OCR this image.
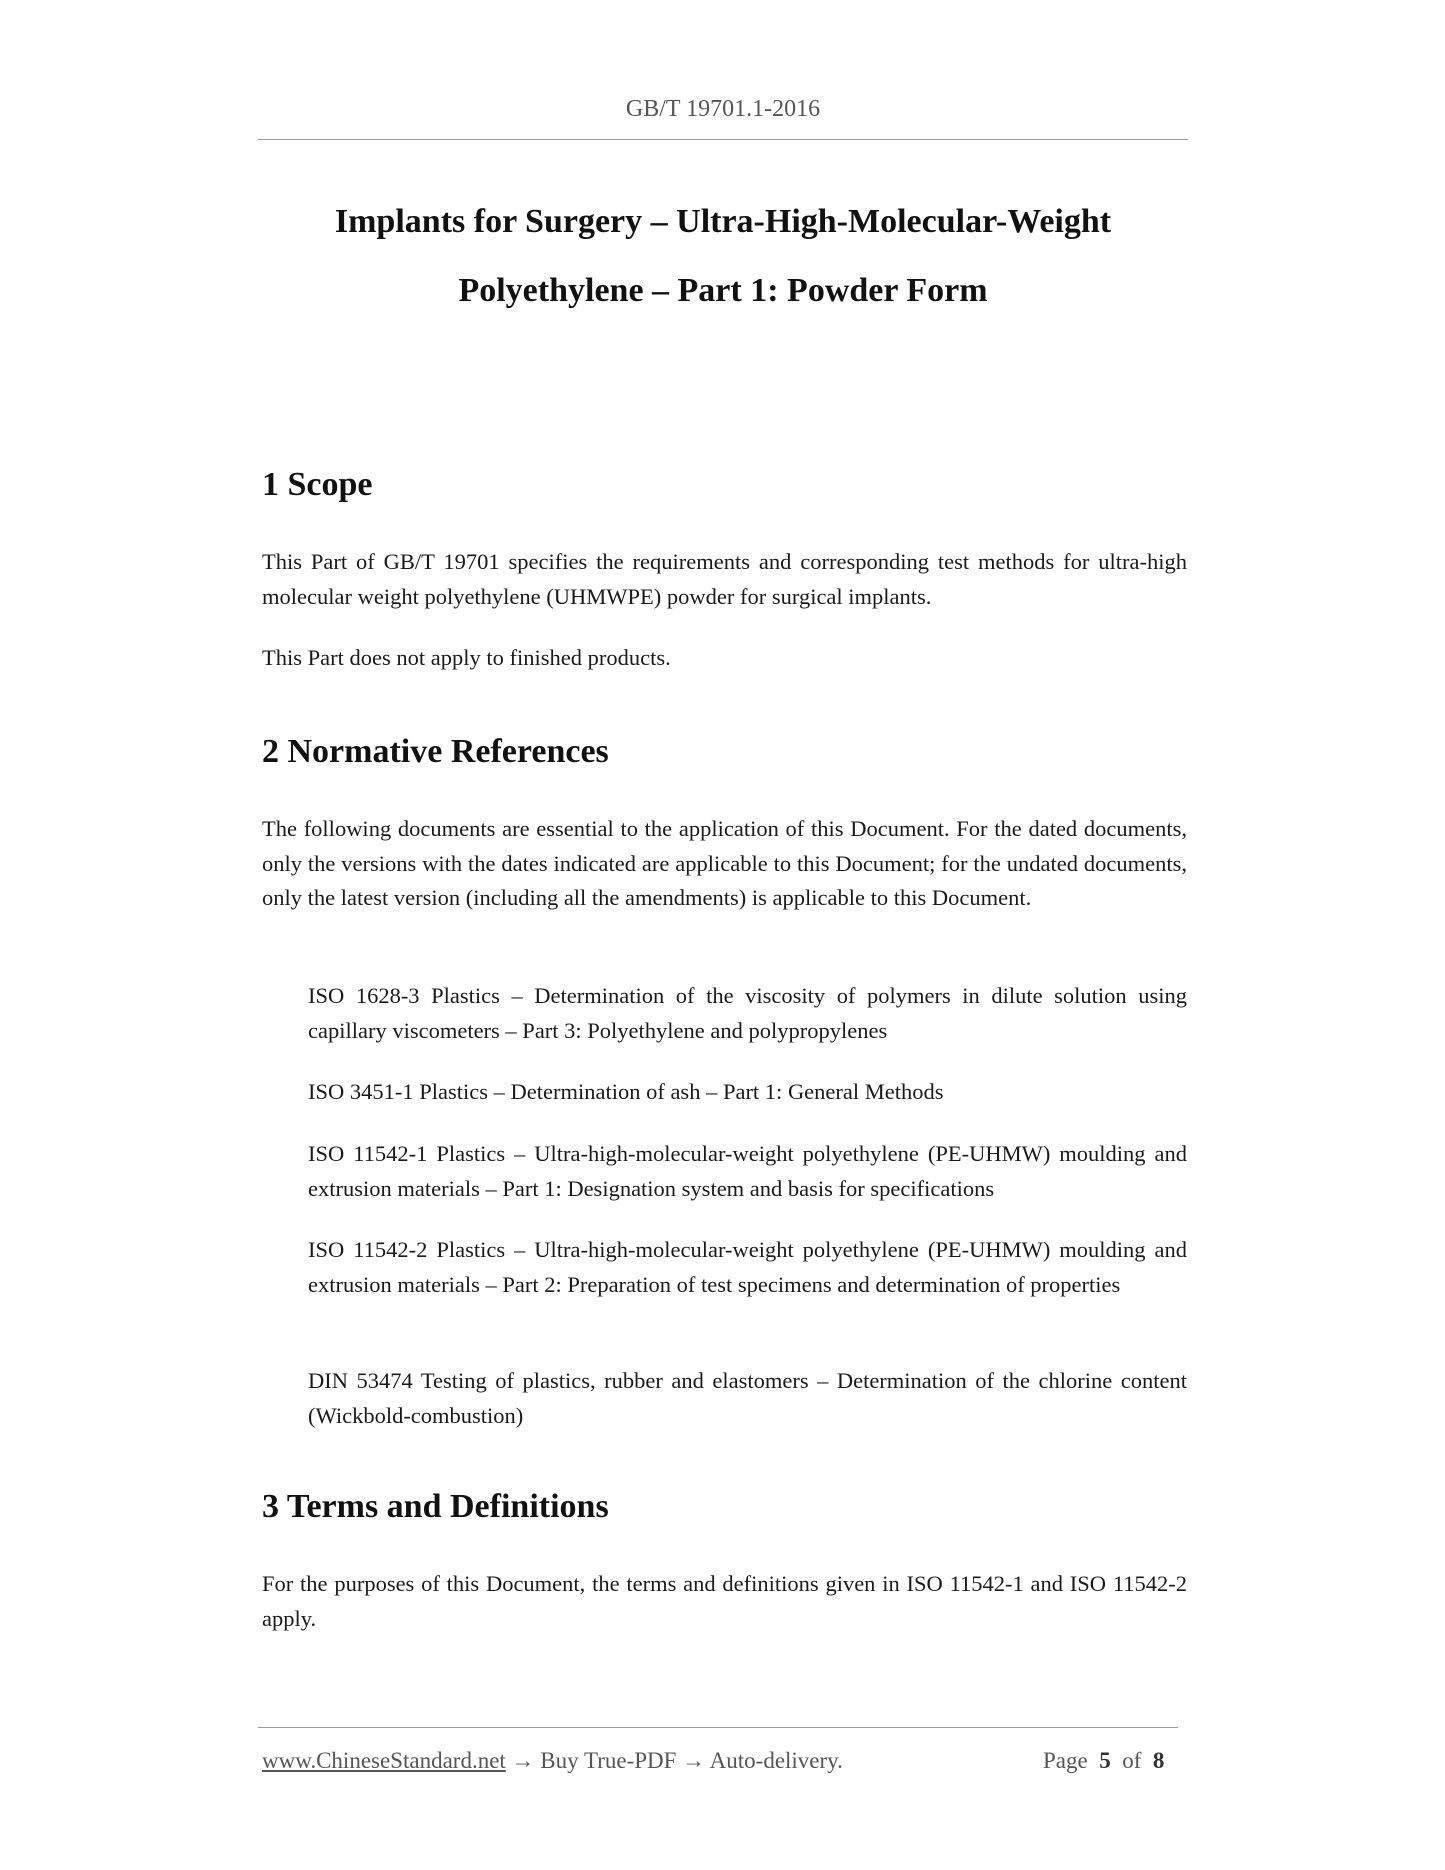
GB/T 19701.1-2016
Implants for Surgery – Ultra-High-Molecular-Weight
Polyethylene – Part 1: Powder Form
1 Scope

This Part of GB/T 19701 specifies the requirements and corresponding test methods for ultra-high molecular weight polyethylene (UHMWPE) powder for surgical implants.

This Part does not apply to finished products.

2 Normative References

The following documents are essential to the application of this Document. For the dated documents, only the versions with the dates indicated are applicable to this Document; for the undated documents, only the latest version (including all the amendments) is applicable to this Document.

ISO 1628-3 Plastics – Determination of the viscosity of polymers in dilute solution using capillary viscometers – Part 3: Polyethylene and polypropylenes

ISO 3451-1 Plastics – Determination of ash – Part 1: General Methods

ISO 11542-1 Plastics – Ultra-high-molecular-weight polyethylene (PE-UHMW) moulding and extrusion materials – Part 1: Designation system and basis for specifications

ISO 11542-2 Plastics – Ultra-high-molecular-weight polyethylene (PE-UHMW) moulding and extrusion materials – Part 2: Preparation of test specimens and determination of properties

DIN 53474 Testing of plastics, rubber and elastomers – Determination of the chlorine content (Wickbold-combustion)

3 Terms and Definitions

For the purposes of this Document, the terms and definitions given in ISO 11542-1 and ISO 11542-2 apply.

www.ChineseStandard.net → Buy True-PDF → Auto-delivery.	Page 5 of 8
